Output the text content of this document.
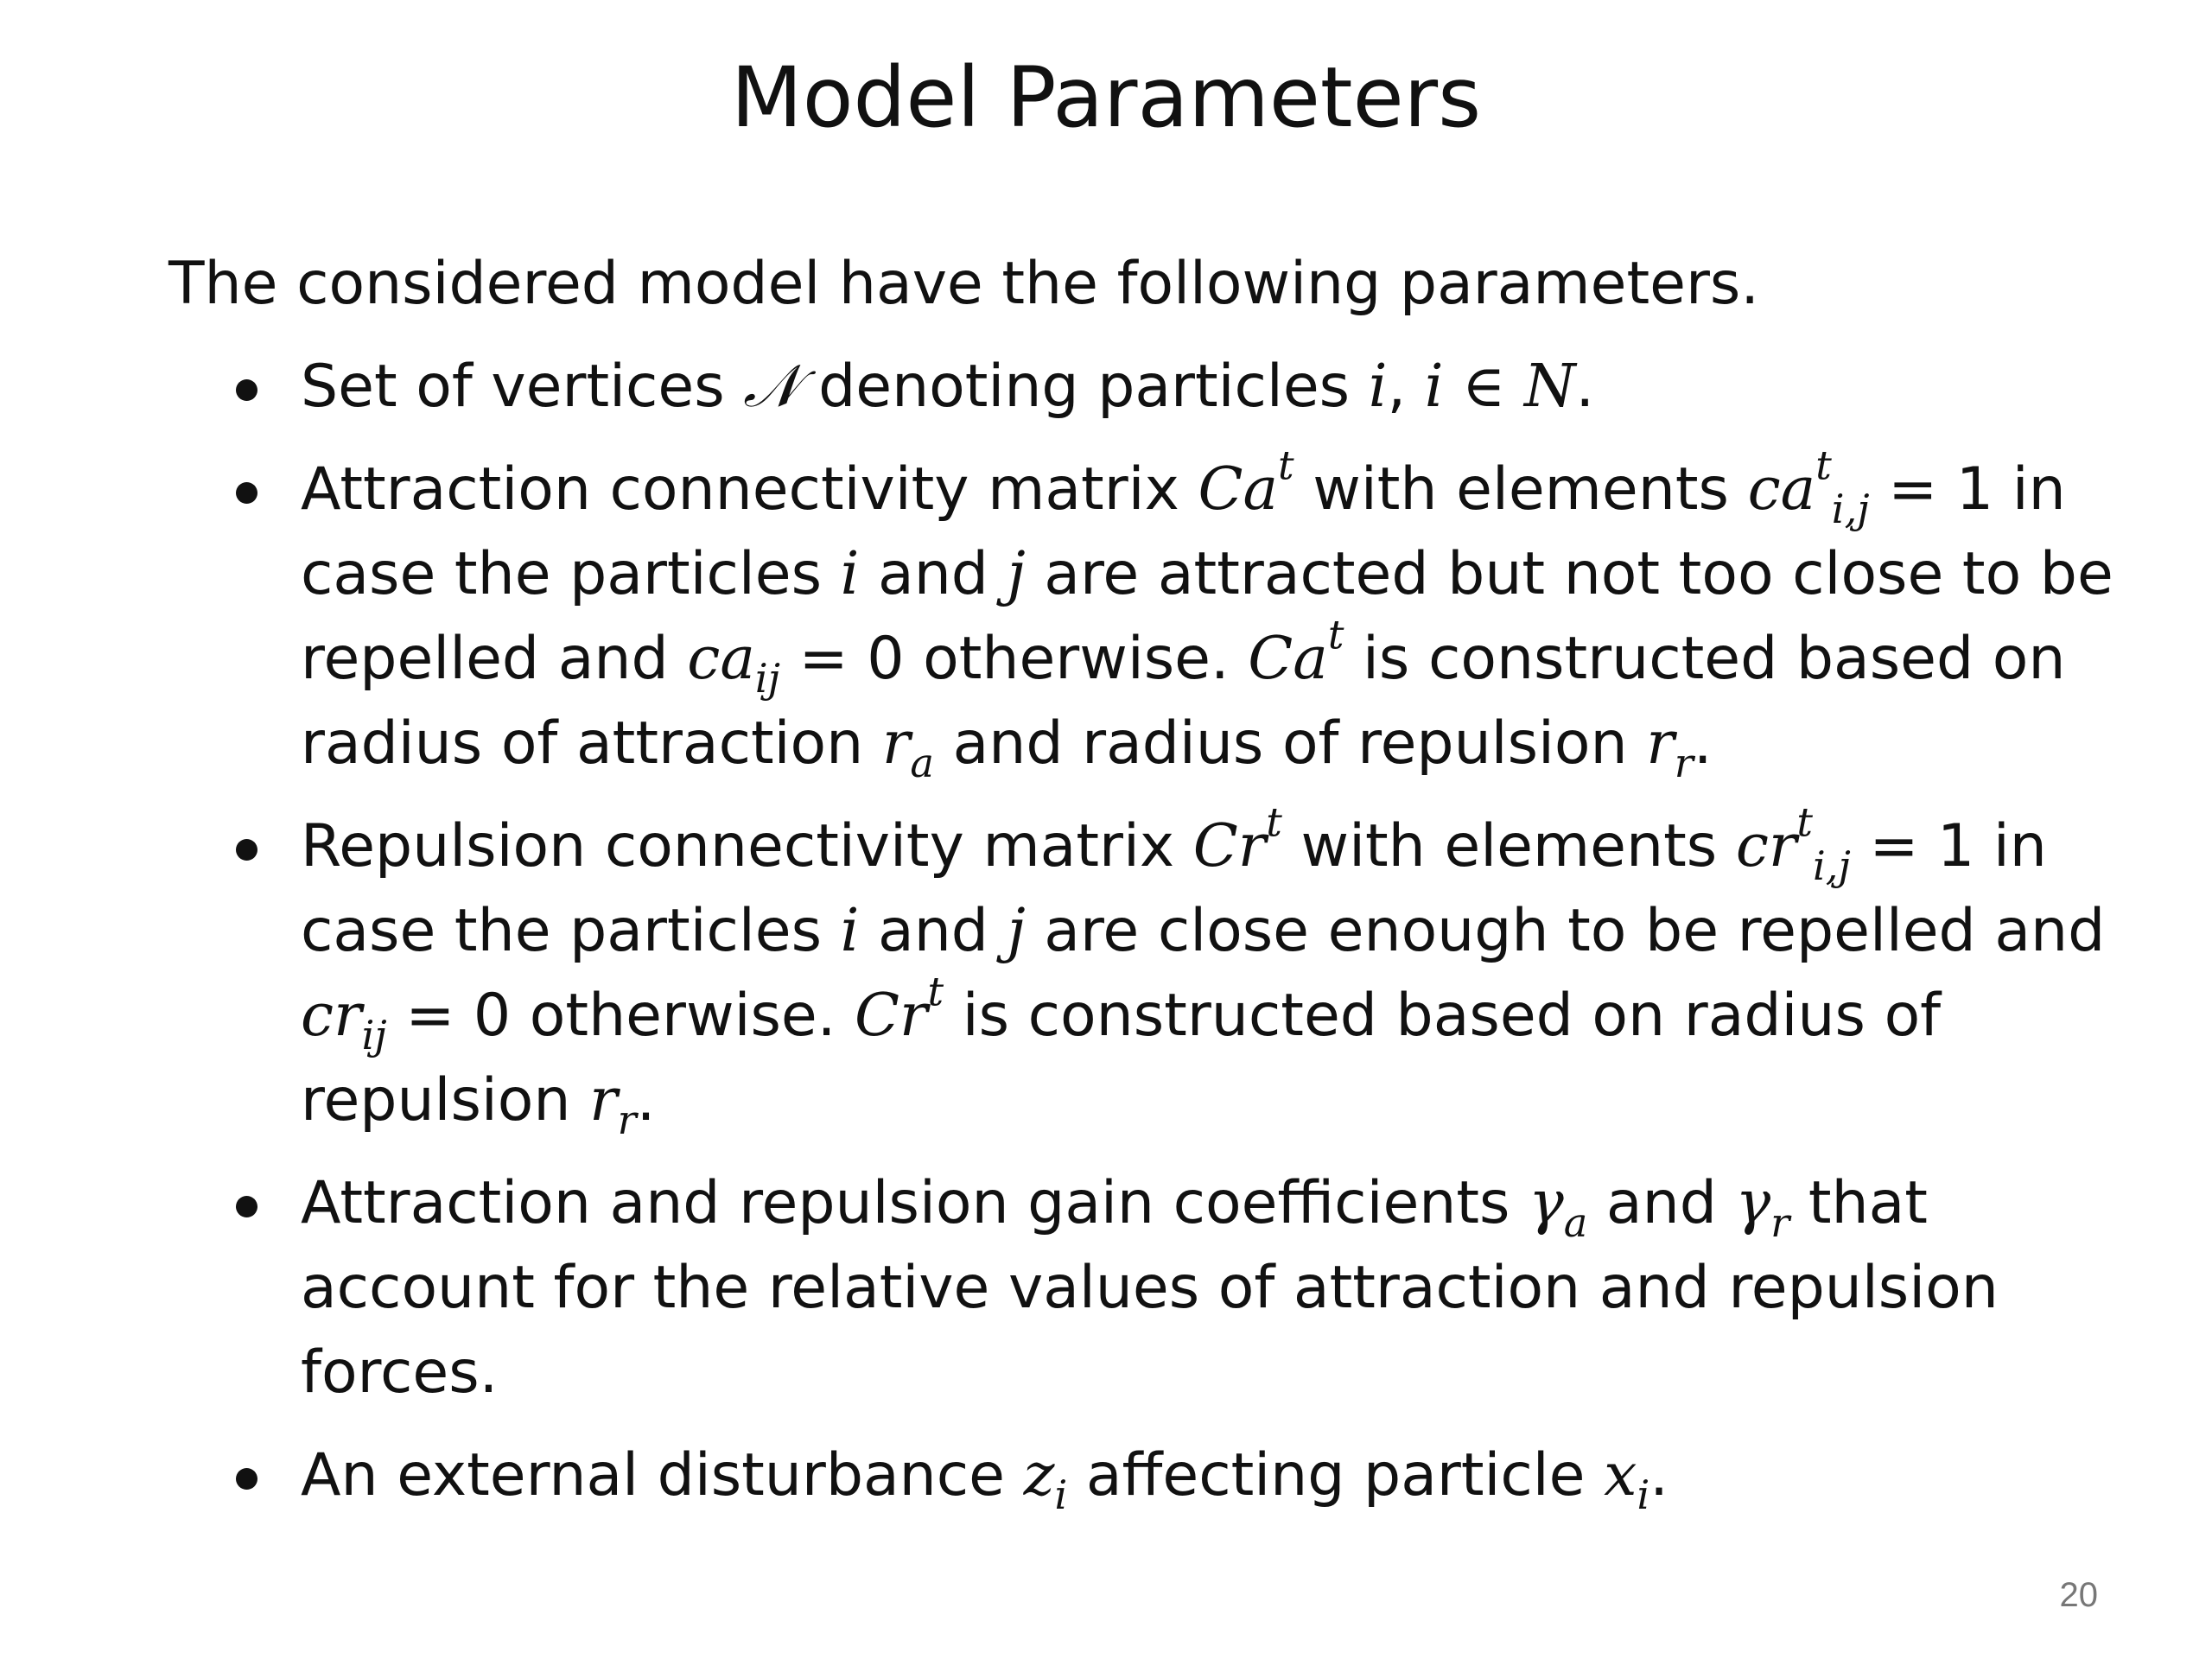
Model Parameters

The considered model have the following parameters.

Set of vertices 𝒩 denoting particles i, i ∈ N.
Attraction connectivity matrix Ca$^t$ with elements $ca^t_{i,j} = 1$ in case the particles i and j are attracted but not too close to be repelled and $ca_{ij} = 0$ otherwise. Ca$^t$ is constructed based on radius of attraction $r_a$ and radius of repulsion $r_r$.
Repulsion connectivity matrix Cr$^t$ with elements $cr^t_{i,j} = 1$ in case the particles i and j are close enough to be repelled and $cr_{ij} = 0$ otherwise. Cr$^t$ is constructed based on radius of repulsion $r_r$.
Attraction and repulsion gain coefficients $\gamma_a$ and $\gamma_r$ that account for the relative values of attraction and repulsion forces.
An external disturbance $z_i$ affecting particle $x_i$.
20
